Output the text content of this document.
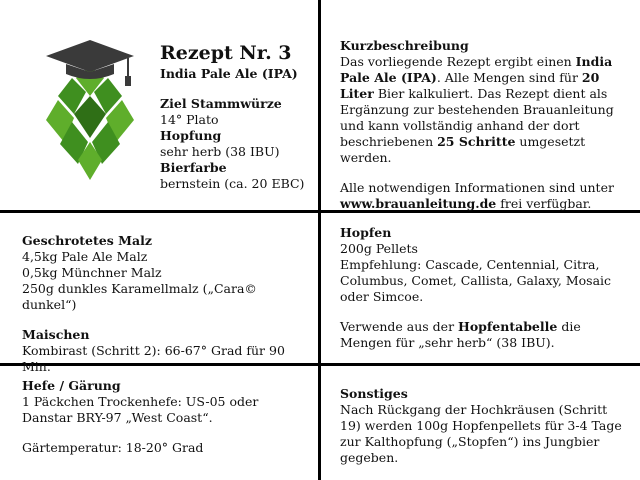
Rezept Nr. 3
India Pale Ale (IPA)
Ziel Stammwürze
14° Plato
Hopfung
sehr herb (38 IBU)
Bierfarbe
bernstein (ca. 20 EBC)
Kurzbeschreibung

Das vorliegende Rezept ergibt einen India Pale Ale (IPA). Alle Mengen sind für 20 Liter Bier kalkuliert. Das Rezept dient als Ergänzung zur bestehenden Brauanleitung und kann vollständig anhand der dort beschriebenen 25 Schritte umgesetzt werden.

Alle notwendigen Informationen sind unter www.brauanleitung.de frei verfügbar.

Geschrotetes Malz
4,5kg Pale Ale Malz
0,5kg Münchner Malz
250g dunkles Karamellmalz („Cara© dunkel“)
Maischen
Kombirast (Schritt 2): 66-67° Grad für 90 Min.
Hopfen
200g Pellets

Empfehlung: Cascade, Centennial, Citra, Columbus, Comet, Callista, Galaxy, Mosaic oder Simcoe.

Verwende aus der Hopfentabelle die Mengen für „sehr herb“ (38 IBU).

Hefe / Gärung

1 Päckchen Trockenhefe: US-05 oder Danstar BRY-97 „West Coast“.

Gärtemperatur: 18-20° Grad
Sonstiges

Nach Rückgang der Hochkräusen (Schritt 19) werden 100g Hopfenpellets für 3-4 Tage zur Kalthopfung („Stopfen“) ins Jungbier gegeben.
